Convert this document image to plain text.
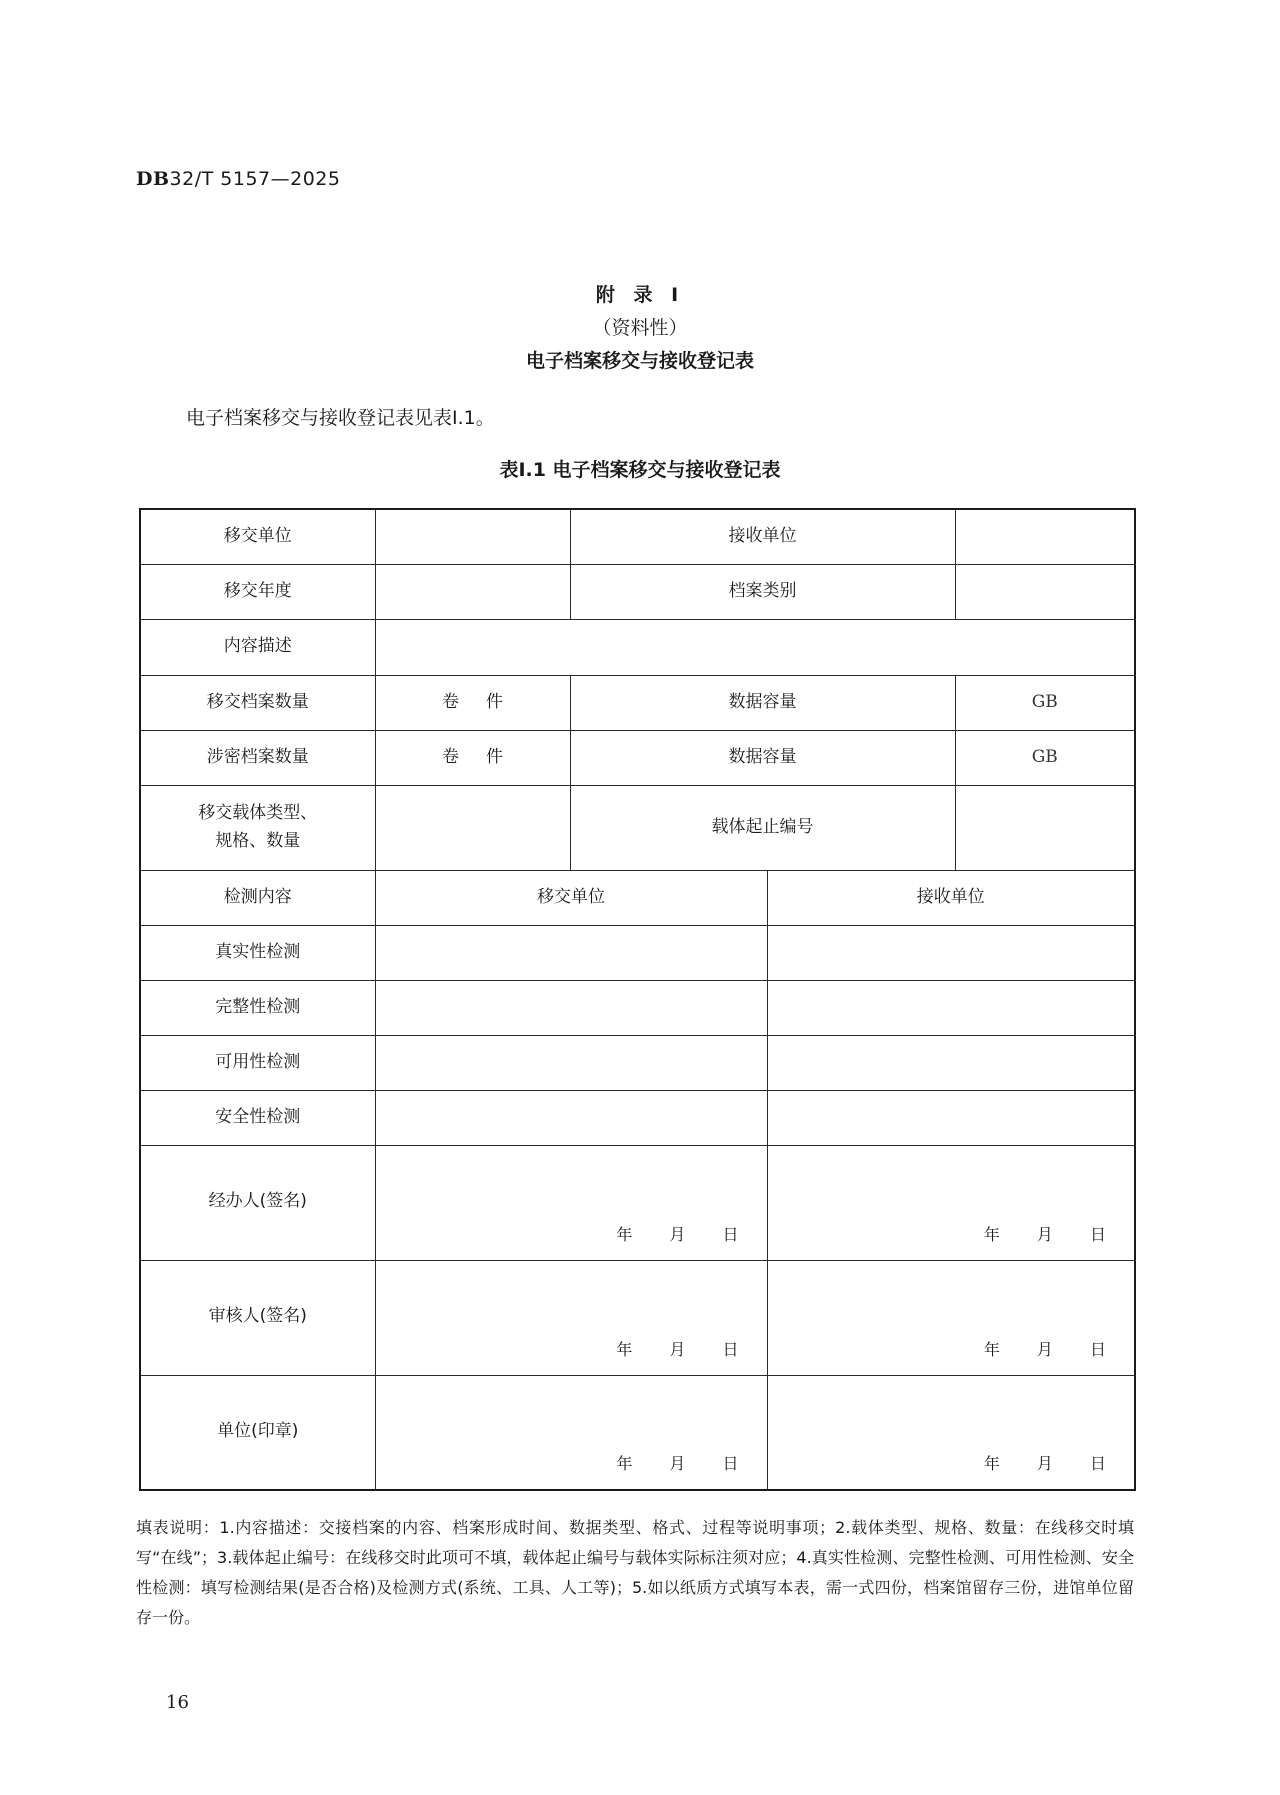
DB32/T 5157—2025
附 录 I
（资料性）
电子档案移交与接收登记表
电子档案移交与接收登记表见表I.1。
表Ⅰ.1 电子档案移交与接收登记表
移交单位		接收单位		
移交年度		档案类别		
内容描述				
移交档案数量	卷     件	数据容量		GB
涉密档案数量	卷     件	数据容量		GB

移交载体类型、
规格、数量		载体起止编号		
检测内容	移交单位		接收单位	
真实性检测				
完整性检测				
可用性检测				
安全性检测				
经办人(签名)	年 月 日		年 月 日	

审核人(签名)	年 月 日		年 月 日	

单位(印章)	年 月 日		年 月 日	
填表说明：1.内容描述：交接档案的内容、档案形成时间、数据类型、格式、过程等说明事项；2.载体类型、规格、数量：在线移交时填写“在线”；3.载体起止编号：在线移交时此项可不填，载体起止编号与载体实际标注须对应；4.真实性检测、完整性检测、可用性检测、安全性检测：填写检测结果(是否合格)及检测方式(系统、工具、人工等)；5.如以纸质方式填写本表，需一式四份，档案馆留存三份，进馆单位留存一份。
16
